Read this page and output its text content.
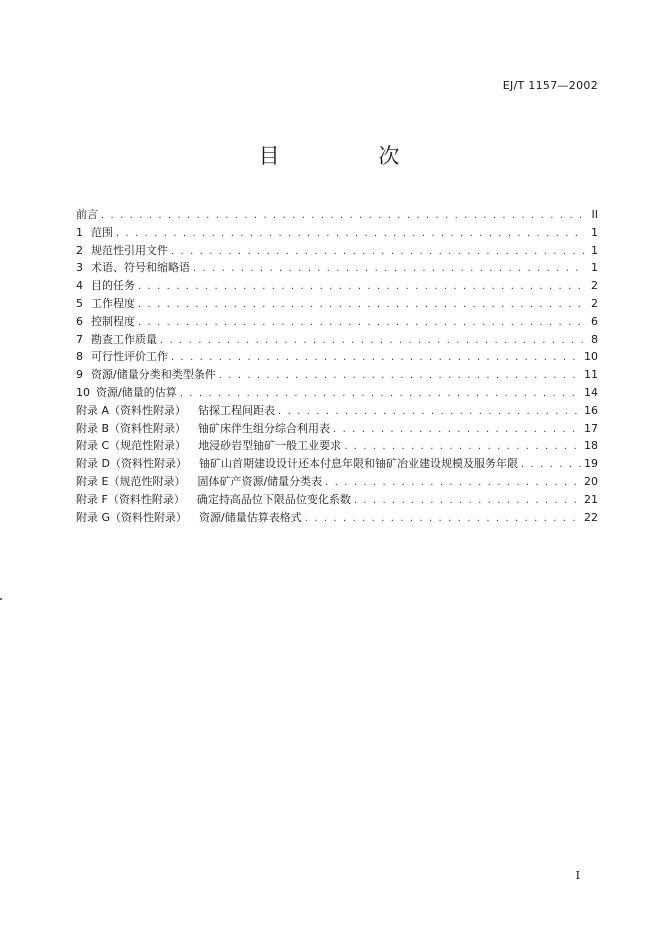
EJ/T 1157—2002
目 次
前言 . . .	II
1 范围 . . .	1
2 规范性引用文件 . . .	1
3 术语、符号和缩略语 . . .	1
4 目的任务 . . .	2
5 工作程度 . . .	2
6 控制程度 . . .	6
7 勘查工作质量 . . .	8
8 可行性评价工作 . . .	10
9 资源/储量分类和类型条件 . . .	11
10 资源/储量的估算 . . .	14
附录 A（资料性附录） 钻探工程间距表 . . .	16
附录 B（资料性附录） 铀矿床伴生组分综合利用表 . . .	17
附录 C（规范性附录） 地浸砂岩型铀矿一般工业要求 . . .	18
附录 D（资料性附录） 铀矿山首期建设设计还本付息年限和铀矿冶业建设规模及服务年限 . . .	19
附录 E（规范性附录） 固体矿产资源/储量分类表 . . .	20
附录 F（资料性附录） 确定持高品位下限品位变化系数 . . .	21
附录 G（资料性附录） 资源/储量估算表格式 . . .	22
I
